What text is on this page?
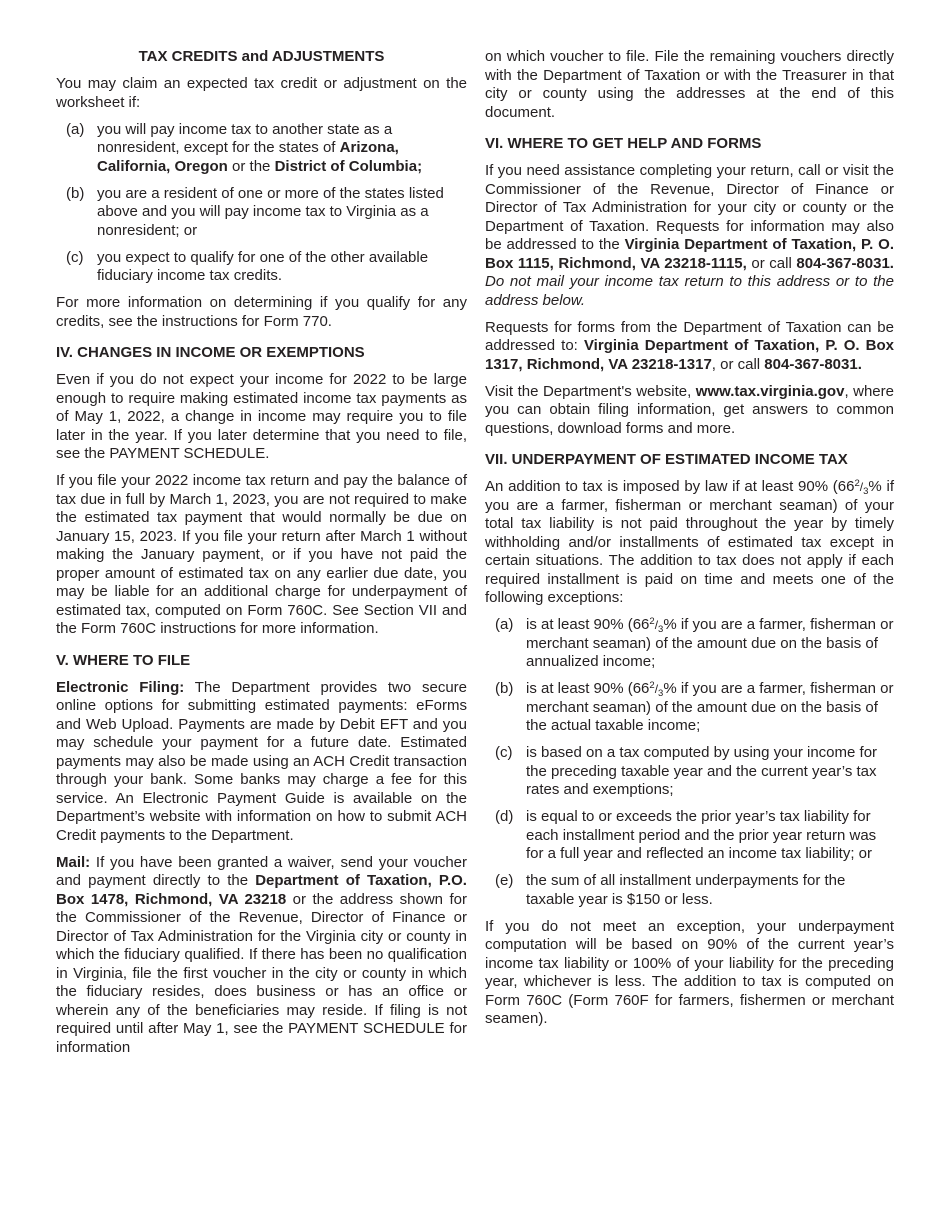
TAX CREDITS and ADJUSTMENTS
You may claim an expected tax credit or adjustment on the worksheet if:
(a) you will pay income tax to another state as a nonresident, except for the states of Arizona, California, Oregon or the District of Columbia;
(b) you are a resident of one or more of the states listed above and you will pay income tax to Virginia as a nonresident; or
(c) you expect to qualify for one of the other available fiduciary income tax credits.
For more information on determining if you qualify for any credits, see the instructions for Form 770.
IV. CHANGES IN INCOME OR EXEMPTIONS
Even if you do not expect your income for 2022 to be large enough to require making estimated income tax payments as of May 1, 2022, a change in income may require you to file later in the year. If you later determine that you need to file, see the PAYMENT SCHEDULE.
If you file your 2022 income tax return and pay the balance of tax due in full by March 1, 2023, you are not required to make the estimated tax payment that would normally be due on January 15, 2023. If you file your return after March 1 without making the January payment, or if you have not paid the proper amount of estimated tax on any earlier due date, you may be liable for an additional charge for underpayment of estimated tax, computed on Form 760C. See Section VII and the Form 760C instructions for more information.
V. WHERE TO FILE
Electronic Filing: The Department provides two secure online options for submitting estimated payments: eForms and Web Upload. Payments are made by Debit EFT and you may schedule your payment for a future date. Estimated payments may also be made using an ACH Credit transaction through your bank. Some banks may charge a fee for this service. An Electronic Payment Guide is available on the Department’s website with information on how to submit ACH Credit payments to the Department.
Mail: If you have been granted a waiver, send your voucher and payment directly to the Department of Taxation, P.O. Box 1478, Richmond, VA 23218 or the address shown for the Commissioner of the Revenue, Director of Finance or Director of Tax Administration for the Virginia city or county in which the fiduciary qualified. If there has been no qualification in Virginia, file the first voucher in the city or county in which the fiduciary resides, does business or has an office or wherein any of the beneficiaries may reside. If filing is not required until after May 1, see the PAYMENT SCHEDULE for information
on which voucher to file. File the remaining vouchers directly with the Department of Taxation or with the Treasurer in that city or county using the addresses at the end of this document.
VI. WHERE TO GET HELP AND FORMS
If you need assistance completing your return, call or visit the Commissioner of the Revenue, Director of Finance or Director of Tax Administration for your city or county or the Department of Taxation. Requests for information may also be addressed to the Virginia Department of Taxation, P. O. Box 1115, Richmond, VA 23218-1115, or call 804-367-8031. Do not mail your income tax return to this address or to the address below.
Requests for forms from the Department of Taxation can be addressed to: Virginia Department of Taxation, P. O. Box 1317, Richmond, VA 23218-1317, or call 804-367-8031.
Visit the Department's website, www.tax.virginia.gov, where you can obtain filing information, get answers to common questions, download forms and more.
VII. UNDERPAYMENT OF ESTIMATED INCOME TAX
An addition to tax is imposed by law if at least 90% ($66^2/_3\%$ if you are a farmer, fisherman or merchant seaman) of your total tax liability is not paid throughout the year by timely withholding and/or installments of estimated tax except in certain situations. The addition to tax does not apply if each required installment is paid on time and meets one of the following exceptions:
(a) is at least 90% ($66^2/_3\%$ if you are a farmer, fisherman or merchant seaman) of the amount due on the basis of annualized income;
(b) is at least 90% ($66^2/_3\%$ if you are a farmer, fisherman or merchant seaman) of the amount due on the basis of the actual taxable income;
(c) is based on a tax computed by using your income for the preceding taxable year and the current year’s tax rates and exemptions;
(d) is equal to or exceeds the prior year’s tax liability for each installment period and the prior year return was for a full year and reflected an income tax liability; or
(e) the sum of all installment underpayments for the taxable year is $150 or less.
If you do not meet an exception, your underpayment computation will be based on 90% of the current year’s income tax liability or 100% of your liability for the preceding year, whichever is less. The addition to tax is computed on Form 760C (Form 760F for farmers, fishermen or merchant seamen).
